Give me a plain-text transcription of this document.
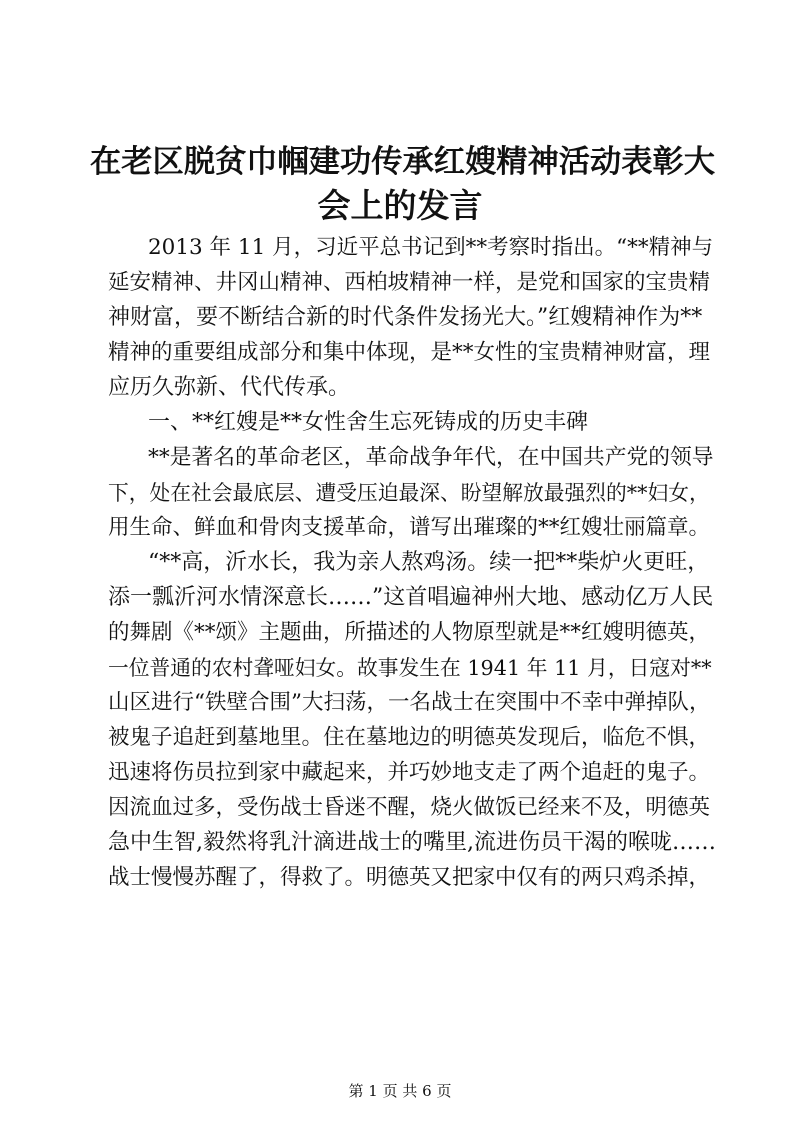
在老区脱贫巾帼建功传承红嫂精神活动表彰大
会上的发言
2013 年 11 月，习近平总书记到**考察时指出。“**精神与
延安精神、井冈山精神、西柏坡精神一样，是党和国家的宝贵精
神财富，要不断结合新的时代条件发扬光大。”红嫂精神作为**
精神的重要组成部分和集中体现，是**女性的宝贵精神财富，理
应历久弥新、代代传承。
一、**红嫂是**女性舍生忘死铸成的历史丰碑
**是著名的革命老区，革命战争年代，在中国共产党的领导
下，处在社会最底层、遭受压迫最深、盼望解放最强烈的**妇女，
用生命、鲜血和骨肉支援革命，谱写出璀璨的**红嫂壮丽篇章。
“**高，沂水长，我为亲人熬鸡汤。续一把**柴炉火更旺，
添一瓢沂河水情深意长……”这首唱遍神州大地、感动亿万人民
的舞剧《**颂》主题曲，所描述的人物原型就是**红嫂明德英，
一位普通的农村聋哑妇女。故事发生在 1941 年 11 月，日寇对**
山区进行“铁壁合围”大扫荡，一名战士在突围中不幸中弹掉队，
被鬼子追赶到墓地里。住在墓地边的明德英发现后，临危不惧，
迅速将伤员拉到家中藏起来，并巧妙地支走了两个追赶的鬼子。
因流血过多，受伤战士昏迷不醒，烧火做饭已经来不及，明德英
急中生智,毅然将乳汁滴进战士的嘴里,流进伤员干渴的喉咙……
战士慢慢苏醒了，得救了。明德英又把家中仅有的两只鸡杀掉，
第 1 页 共 6 页
